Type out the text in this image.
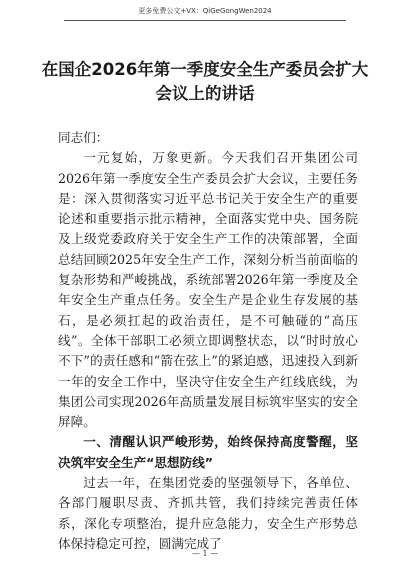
更多免费公文+VX：QiGeGongWen2024
在国企2026年第一季度安全生产委员会扩大会议上的讲话

同志们：

一元复始，万象更新。今天我们召开集团公司2026年第一季度安全生产委员会扩大会议，主要任务是：深入贯彻落实习近平总书记关于安全生产的重要论述和重要指示批示精神，全面落实党中央、国务院及上级党委政府关于安全生产工作的决策部署，全面总结回顾2025年安全生产工作，深刻分析当前面临的复杂形势和严峻挑战，系统部署2026年第一季度及全年安全生产重点任务。安全生产是企业生存发展的基石，是必须扛起的政治责任，是不可触碰的“高压线”。全体干部职工必须立即调整状态，以“时时放心不下”的责任感和“箭在弦上”的紧迫感，迅速投入到新一年的安全工作中，坚决守住安全生产红线底线，为集团公司实现2026年高质量发展目标筑牢坚实的安全屏障。

一、清醒认识严峻形势，始终保持高度警醒，坚决筑牢安全生产“思想防线”

过去一年，在集团党委的坚强领导下，各单位、各部门履职尽责、齐抓共管，我们持续完善责任体系，深化专项整治，提升应急能力，安全生产形势总体保持稳定可控，圆满完成了

— 1 —
